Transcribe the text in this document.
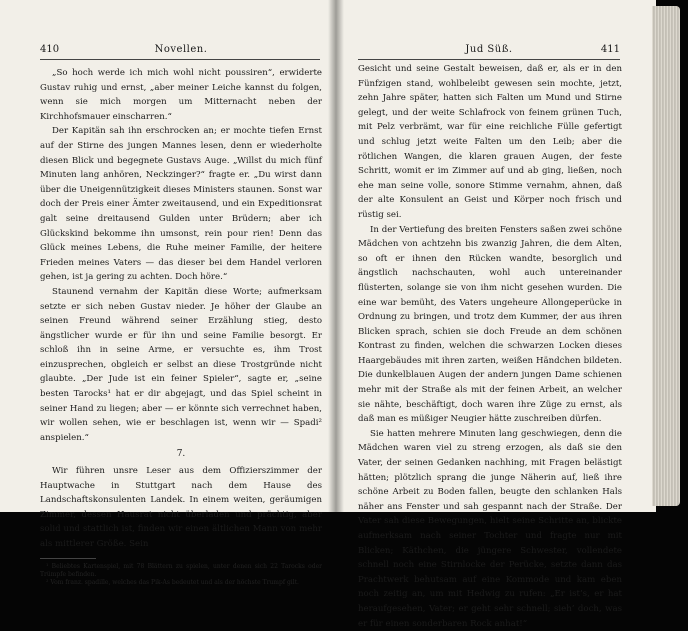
410	Novellen.

„So hoch werde ich mich wohl nicht poussiren“, erwiderte Gustav ruhig und ernst, „aber meiner Leiche kannst du folgen, wenn sie mich morgen um Mitternacht neben der Kirchhofsmauer einscharren.“

Der Kapitän sah ihn erschrocken an; er mochte tiefen Ernst auf der Stirne des jungen Mannes lesen, denn er wiederholte diesen Blick und begegnete Gustavs Auge. „Willst du mich fünf Minuten lang anhören, Neckzinger?“ fragte er. „Du wirst dann über die Uneigennützigkeit dieses Ministers staunen. Sonst war doch der Preis einer Ämter zweitausend, und ein Expeditionsrat galt seine dreitausend Gulden unter Brüdern; aber ich Glückskind bekomme ihn umsonst, rein pour rien! Denn das Glück meines Lebens, die Ruhe meiner Familie, der heitere Frieden meines Vaters — das dieser bei dem Handel verloren gehen, ist ja gering zu achten. Doch höre.“

Staunend vernahm der Kapitän diese Worte; aufmerksam setzte er sich neben Gustav nieder. Je höher der Glaube an seinen Freund während seiner Erzählung stieg, desto ängstlicher wurde er für ihn und seine Familie besorgt. Er schloß ihn in seine Arme, er versuchte es, ihm Trost einzusprechen, obgleich er selbst an diese Trostgründe nicht glaubte. „Der Jude ist ein feiner Spieler“, sagte er, „seine besten Tarocks¹ hat er dir abgejagt, und das Spiel scheint in seiner Hand zu liegen; aber — er könnte sich verrechnet haben, wir wollen sehen, wie er beschlagen ist, wenn wir — Spadi² anspielen.“

7.

Wir führen unsre Leser aus dem Offizierszimmer der Hauptwache in Stuttgart nach dem Hause des Landschaftskonsulenten Landek. In einem weiten, geräumigen Zimmer, dessen Hausrat nicht überladen und prächtig, aber solid und stattlich ist, finden wir einen ältlichen Mann von mehr als mittlerer Größe. Sein

¹ Beliebtes Kartenspiel, mit 78 Blättern zu spielen, unter denen sich 22 Tarocks oder Trümpfe befinden.
² Vom franz. spadille, welches das Pik-As bedeutet und als der höchste Trumpf gilt.
Jud Süß.	411

Gesicht und seine Gestalt beweisen, daß er, als er in den Fünfzigen stand, wohlbeleibt gewesen sein mochte, jetzt, zehn Jahre später, hatten sich Falten um Mund und Stirne gelegt, und der weite Schlafrock von feinem grünen Tuch, mit Pelz verbrämt, war für eine reichliche Fülle gefertigt und schlug jetzt weite Falten um den Leib; aber die rötlichen Wangen, die klaren grauen Augen, der feste Schritt, womit er im Zimmer auf und ab ging, ließen, noch ehe man seine volle, sonore Stimme vernahm, ahnen, daß der alte Konsulent an Geist und Körper noch frisch und rüstig sei.

In der Vertiefung des breiten Fensters saßen zwei schöne Mädchen von achtzehn bis zwanzig Jahren, die dem Alten, so oft er ihnen den Rücken wandte, besorglich und ängstlich nachschauten, wohl auch untereinander flüsterten, solange sie von ihm nicht gesehen wurden. Die eine war bemüht, des Vaters ungeheure Allongeperücke in Ordnung zu bringen, und trotz dem Kummer, der aus ihren Blicken sprach, schien sie doch Freude an dem schönen Kontrast zu finden, welchen die schwarzen Locken dieses Haargebäudes mit ihren zarten, weißen Händchen bildeten. Die dunkelblauen Augen der andern jungen Dame schienen mehr mit der Straße als mit der feinen Arbeit, an welcher sie nähte, beschäftigt, doch waren ihre Züge zu ernst, als daß man es müßiger Neugier hätte zuschreiben dürfen.

Sie hatten mehrere Minuten lang geschwiegen, denn die Mädchen waren viel zu streng erzogen, als daß sie den Vater, der seinen Gedanken nachhing, mit Fragen belästigt hätten; plötzlich sprang die junge Näherin auf, ließ ihre schöne Arbeit zu Boden fallen, beugte den schlanken Hals näher ans Fenster und sah gespannt nach der Straße. Der Vater sah diese Bewegungen, hielt seine Schritte an, blickte aufmerksam nach seiner Tochter und fragte nur mit Blicken; Käthchen, die jüngere Schwester, vollendete schnell noch eine Stirnlocke der Perücke, setzte dann das Prachtwerk behutsam auf eine Kommode und kam eben noch zeitig an, um mit Hedwig zu rufen: „Er ist’s, er hat heraufgesehen, Vater; er geht sehr schnell; sieh’ doch, was er für einen sonderbaren Rock anhat!“
